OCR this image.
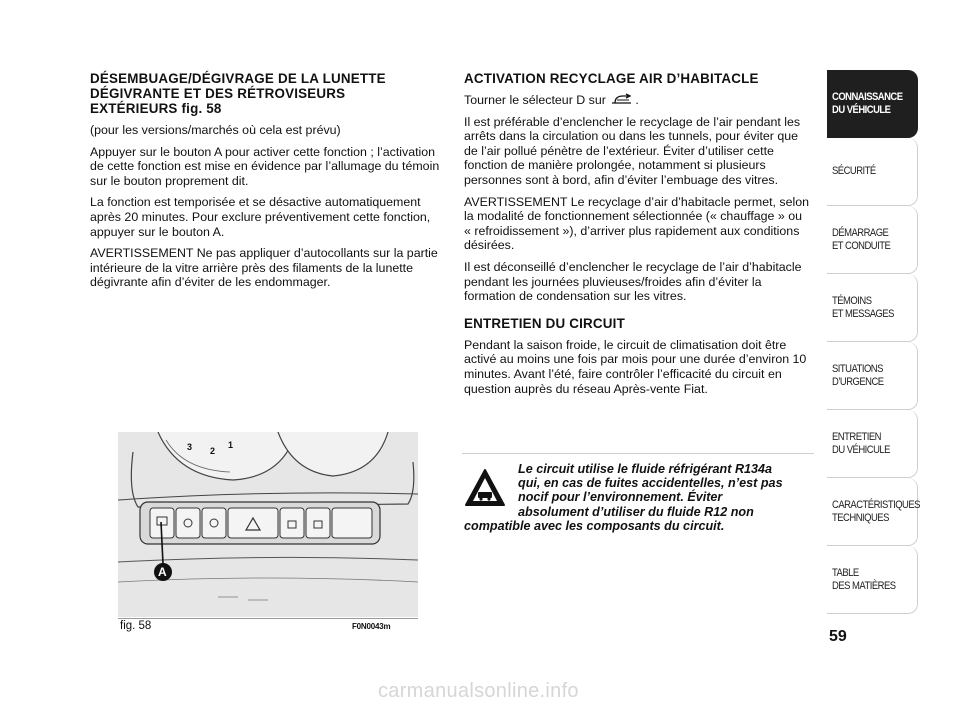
DÉSEMBUAGE/DÉGIVRAGE DE LA LUNETTE
DÉGIVRANTE ET DES RÉTROVISEURS
EXTÉRIEURS fig. 58

(pour les versions/marchés où cela est prévu)

Appuyer sur le bouton A pour activer cette fonction ; l’activation de cette fonction est mise en évidence par l’allumage du témoin sur le bouton proprement dit.

La fonction est temporisée et se désactive automatiquement après 20 minutes. Pour exclure préventivement cette fonction, appuyer sur le bouton A.

AVERTISSEMENT Ne pas appliquer d’autocollants sur la partie intérieure de la vitre arrière près des filaments de la lunette dégivrante afin d’éviter de les endommager.

ACTIVATION RECYCLAGE AIR D’HABITACLE

Tourner le sélecteur D sur .

Il est préférable d’enclencher le recyclage de l’air pendant les arrêts dans la circulation ou dans les tunnels, pour éviter que de l’air pollué pénètre de l’extérieur. Éviter d’utiliser cette fonction de manière prolongée, notamment si plusieurs personnes sont à bord, afin d’éviter l’embuage des vitres.

AVERTISSEMENT Le recyclage d’air d’habitacle permet, selon la modalité de fonctionnement sélectionnée (« chauffage » ou « refroidissement »), d’arriver plus rapidement aux conditions désirées.

Il est déconseillé d’enclencher le recyclage de l’air d’habitacle pendant les journées pluvieuses/froides afin d’éviter la formation de condensation sur les vitres.

ENTRETIEN DU CIRCUIT

Pendant la saison froide, le circuit de climatisation doit être activé au moins une fois par mois pour une durée d’environ 10 minutes. Avant l’été, faire contrôler l’efficacité du circuit en question auprès du réseau Après-vente Fiat.

Le circuit utilise le fluide réfrigérant R134a

qui, en cas de fuites accidentelles, n’est pas

nocif pour l’environnement. Éviter

absolument d’utiliser du fluide R12 non

compatible avec les composants du circuit.

3 2
1
A
fig. 58	F0N0043m
CONNAISSANCE
DU VÉHICULE
SÉCURITÉ
DÉMARRAGE
ET CONDUITE
TÉMOINS
ET MESSAGES
SITUATIONS
D’URGENCE
ENTRETIEN
DU VÉHICULE
CARACTÉRISTIQUES
TECHNIQUES
TABLE
DES MATIÈRES
59
carmanualsonline.info
